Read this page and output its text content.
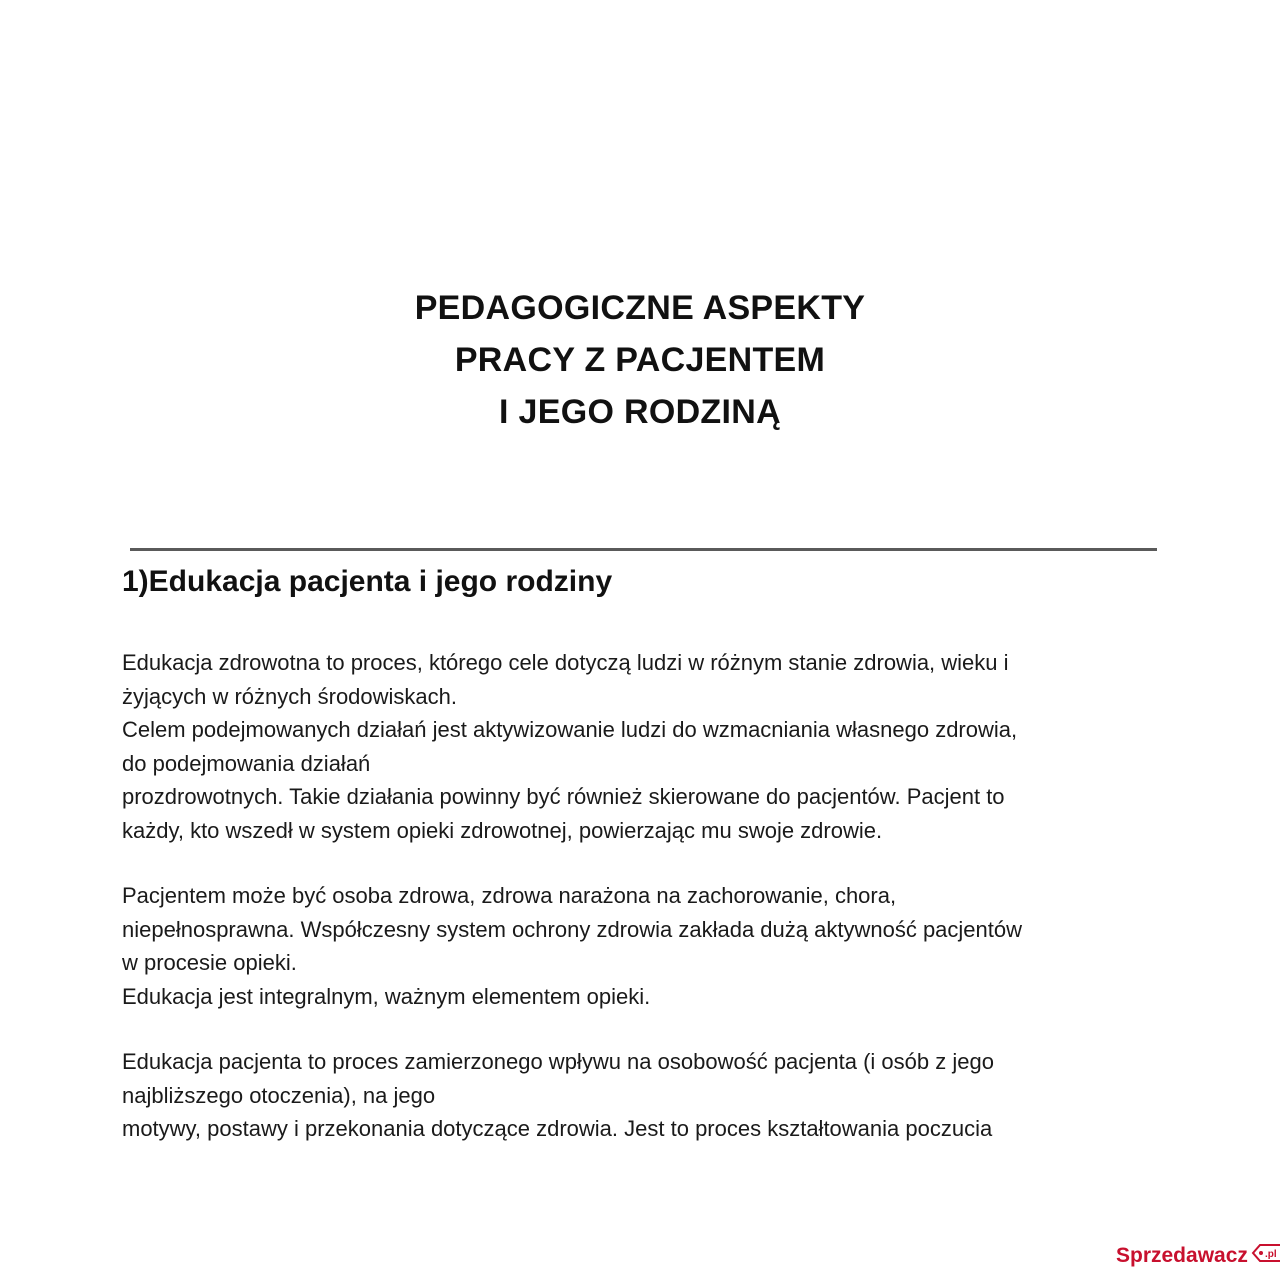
PEDAGOGICZNE ASPEKTY
PRACY Z PACJENTEM
I JEGO RODZINĄ
1)Edukacja pacjenta i jego rodziny
Edukacja zdrowotna to proces, którego cele dotyczą ludzi w różnym stanie zdrowia, wieku i
żyjących w różnych środowiskach.
Celem podejmowanych działań jest aktywizowanie ludzi do wzmacniania własnego zdrowia,
do podejmowania działań
prozdrowotnych. Takie działania powinny być również skierowane do pacjentów. Pacjent to
każdy, kto wszedł w system opieki zdrowotnej, powierzając mu swoje zdrowie.
Pacjentem może być osoba zdrowa, zdrowa narażona na zachorowanie, chora,
niepełnosprawna. Współczesny system ochrony zdrowia zakłada dużą aktywność pacjentów
w procesie opieki.
Edukacja jest integralnym, ważnym elementem opieki.
Edukacja pacjenta to proces zamierzonego wpływu na osobowość pacjenta (i osób z jego
najbliższego otoczenia), na jego
motywy, postawy i przekonania dotyczące zdrowia. Jest to proces kształtowania poczucia
Sprzedawacz .pl
